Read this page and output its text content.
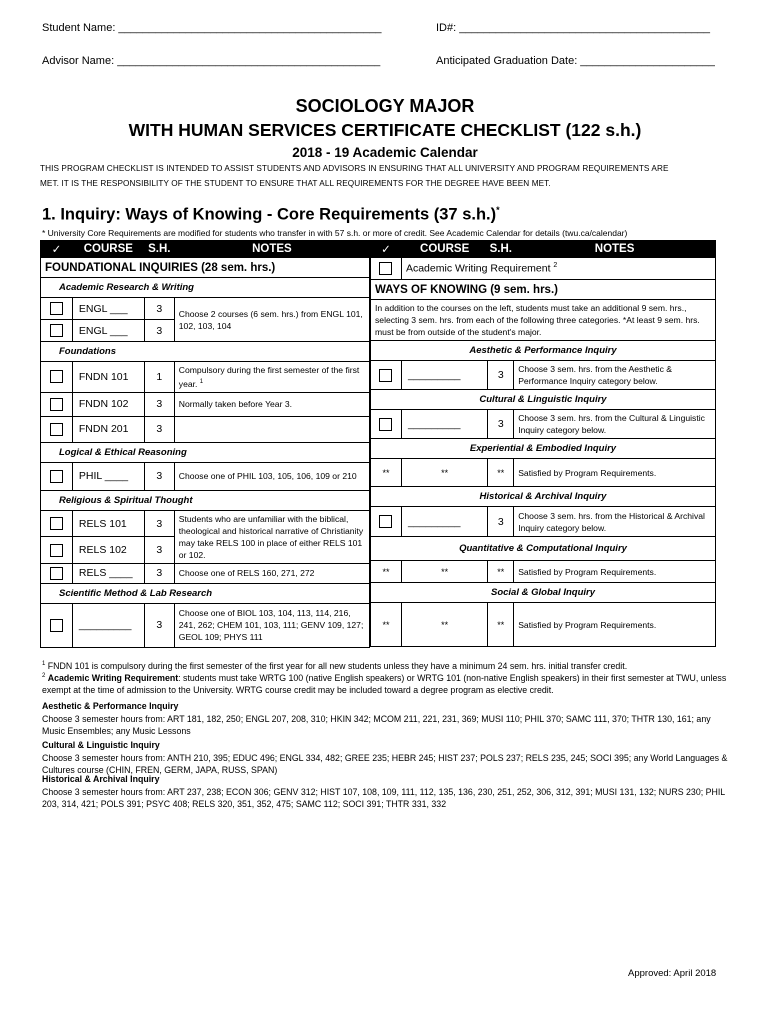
Student Name: ___________________________________________	ID#: _________________________________________
Advisor Name: ___________________________________________	Anticipated Graduation Date: ______________________
SOCIOLOGY MAJOR
WITH HUMAN SERVICES CERTIFICATE CHECKLIST (122 s.h.)
2018 - 19 Academic Calendar
THIS PROGRAM CHECKLIST IS INTENDED TO ASSIST STUDENTS AND ADVISORS IN ENSURING THAT ALL UNIVERSITY AND PROGRAM REQUIREMENTS ARE
MET. IT IS THE RESPONSIBILITY OF THE STUDENT TO ENSURE THAT ALL REQUIREMENTS FOR THE DEGREE HAVE BEEN MET.
1. Inquiry: Ways of Knowing - Core Requirements (37 s.h.)*
* University Core Requirements are modified for students who transfer in with 57 s.h. or more of credit. See Academic Calendar for details (twu.ca/calendar)
✓	COURSE	S.H.	NOTES
FOUNDATIONAL INQUIRIES (28 sem. hrs.)			
Academic Research & Writing			
	ENGL ___	3	Choose 2 courses (6 sem. hrs.) from ENGL 101, 102, 103, 104
	ENGL ___	3	
Foundations			
	FNDN 101	1	Compulsory during the first semester of the first year. $^1$
	FNDN 102	3	Normally taken before Year 3.
	FNDN 201	3	
Logical & Ethical Reasoning			
	PHIL ____	3	Choose one of PHIL 103, 105, 106, 109 or 210
Religious & Spiritual Thought			
	RELS 101	3	Students who are unfamiliar with the biblical, theological and historical narrative of Christianity may take RELS 100 in place of either RELS 101 or 102.
	RELS 102	3	
	RELS ____	3	Choose one of RELS 160, 271, 272
Scientific Method & Lab Research			
	_________	3	Choose one of BIOL 103, 104, 113, 114, 216, 241, 262; CHEM 101, 103, 111; GENV 109, 127; GEOL 109; PHYS 111
✓	COURSE	S.H.	NOTES
	Academic Writing Requirement $^2$
WAYS OF KNOWING (9 sem. hrs.)			
In addition to the courses on the left, students must take an additional 9 sem. hrs., selecting 3 sem. hrs. from each of the following three categories. *At least 9 sem. hrs. must be from outside of the student's major.			
Aesthetic & Performance Inquiry			
	_________	3	Choose 3 sem. hrs. from the Aesthetic & Performance Inquiry category below.
Cultural & Linguistic Inquiry			
	_________	3	Choose 3 sem. hrs. from the Cultural & Linguistic Inquiry category below.
Experiential & Embodied Inquiry			
**	**	**	Satisfied by Program Requirements.
Historical & Archival Inquiry			
	_________	3	Choose 3 sem. hrs. from the Historical & Archival Inquiry category below.
Quantitative & Computational Inquiry			
**	**	**	Satisfied by Program Requirements.
Social & Global Inquiry			
**	**	**	Satisfied by Program Requirements.
$^1$ FNDN 101 is compulsory during the first semester of the first year for all new students unless they have a minimum 24 sem. hrs. initial transfer credit.
$^2$ Academic Writing Requirement: students must take WRTG 100 (native English speakers) or WRTG 101 (non-native English speakers) in their first semester at TWU, unless exempt at the time of admission to the University. WRTG course credit may be included toward a degree program as elective credit.
Aesthetic & Performance Inquiry
Choose 3 semester hours from: ART 181, 182, 250; ENGL 207, 208, 310; HKIN 342; MCOM 211, 221, 231, 369; MUSI 110; PHIL 370; SAMC 111, 370; THTR 130, 161; any Music Ensembles; any Music Lessons
Cultural & Linguistic Inquiry
Choose 3 semester hours from: ANTH 210, 395; EDUC 496; ENGL 334, 482; GREE 235; HEBR 245; HIST 237; POLS 237; RELS 235, 245; SOCI 395; any World Languages & Cultures course (CHIN, FREN, GERM, JAPA, RUSS, SPAN)
Historical & Archival Inquiry
Choose 3 semester hours from: ART 237, 238; ECON 306; GENV 312; HIST 107, 108, 109, 111, 112, 135, 136, 230, 251, 252, 306, 312, 391; MUSI 131, 132; NURS 230; PHIL 203, 314, 421; POLS 391; PSYC 408; RELS 320, 351, 352, 475; SAMC 112; SOCI 391; THTR 331, 332
Approved: April 2018
